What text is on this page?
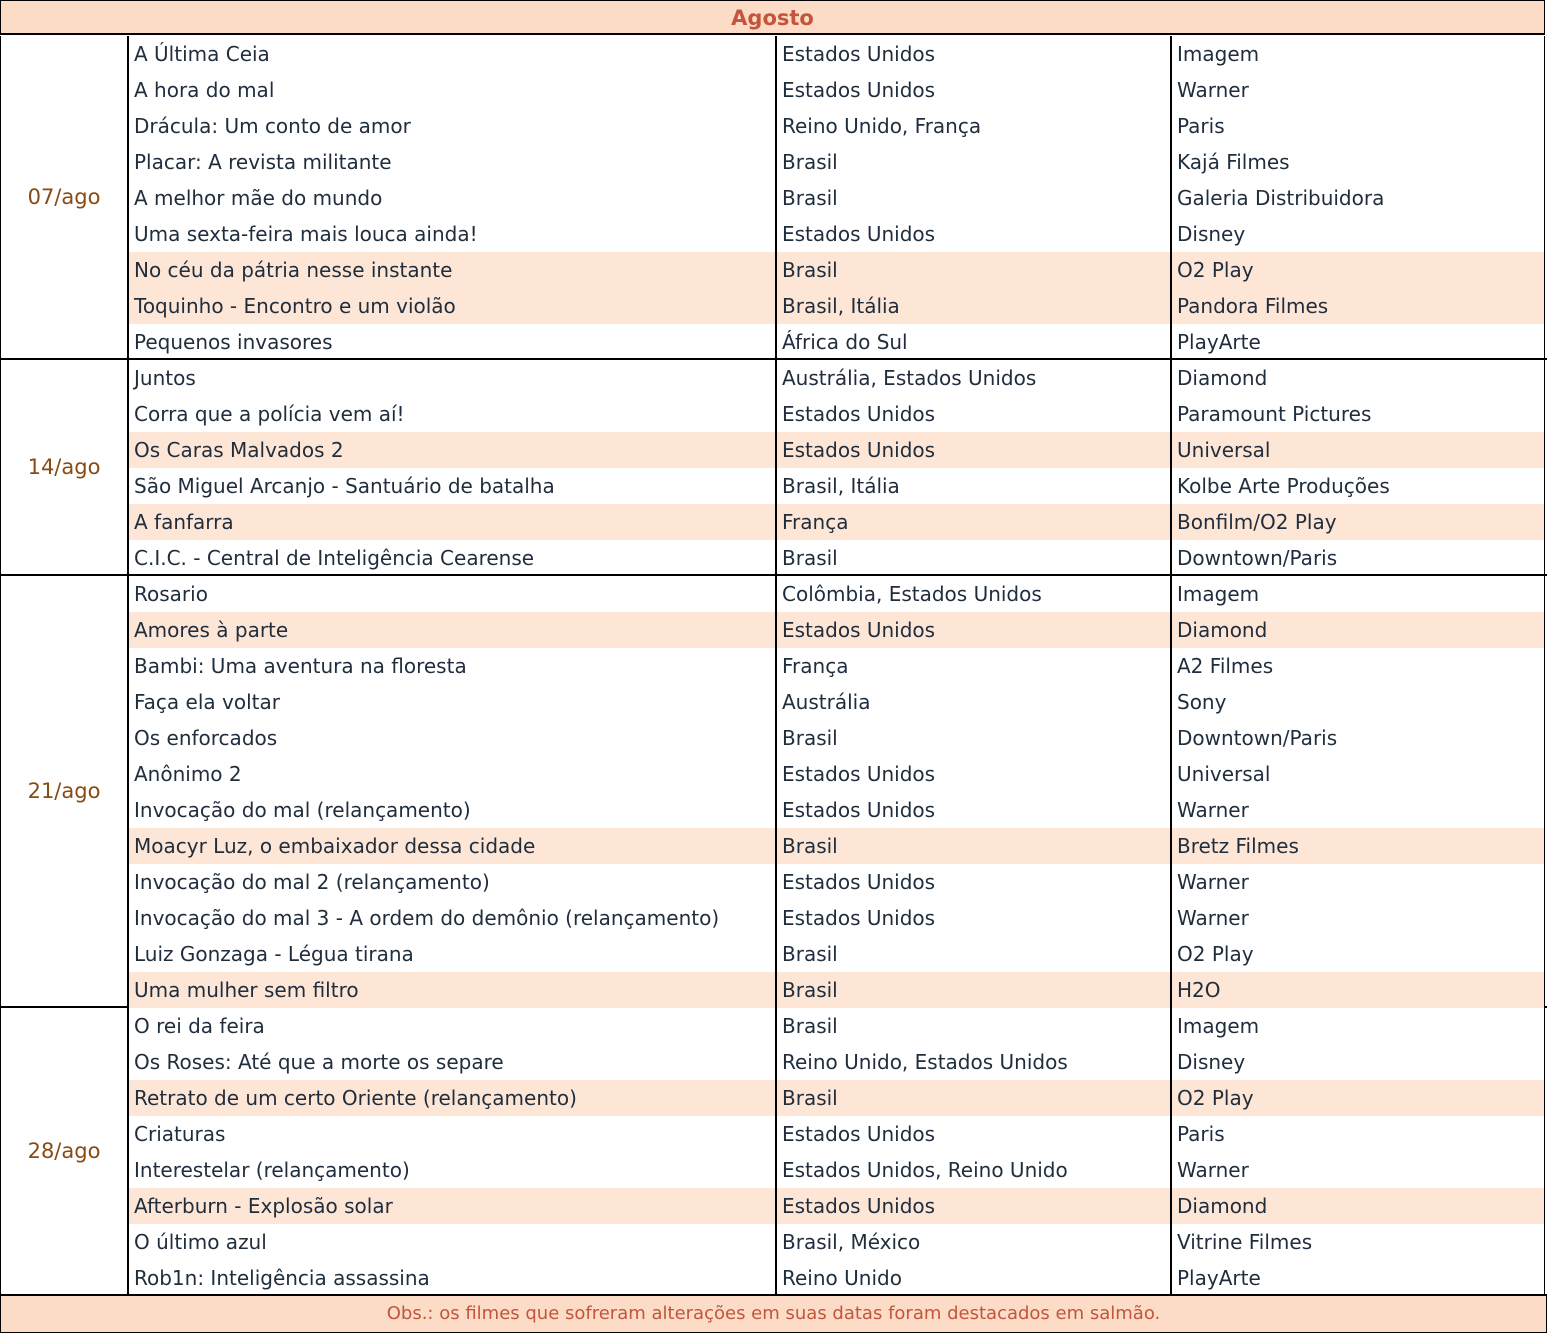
Agosto
07/ago
A Última Ceia	Estados Unidos	Imagem
A hora do mal	Estados Unidos	Warner
Drácula: Um conto de amor	Reino Unido, França	Paris
Placar: A revista militante	Brasil	Kajá Filmes
A melhor mãe do mundo	Brasil	Galeria Distribuidora
Uma sexta-feira mais louca ainda!	Estados Unidos	Disney
No céu da pátria nesse instante	Brasil	O2 Play
Toquinho - Encontro e um violão	Brasil, Itália	Pandora Filmes
Pequenos invasores	África do Sul	PlayArte
14/ago
Juntos	Austrália, Estados Unidos	Diamond
Corra que a polícia vem aí!	Estados Unidos	Paramount Pictures
Os Caras Malvados 2	Estados Unidos	Universal
São Miguel Arcanjo - Santuário de batalha	Brasil, Itália	Kolbe Arte Produções
A fanfarra	França	Bonfilm/O2 Play
C.I.C. - Central de Inteligência Cearense	Brasil	Downtown/Paris
21/ago
Rosario	Colômbia, Estados Unidos	Imagem
Amores à parte	Estados Unidos	Diamond
Bambi: Uma aventura na floresta	França	A2 Filmes
Faça ela voltar	Austrália	Sony
Os enforcados	Brasil	Downtown/Paris
Anônimo 2	Estados Unidos	Universal
Invocação do mal (relançamento)	Estados Unidos	Warner
Moacyr Luz, o embaixador dessa cidade	Brasil	Bretz Filmes
Invocação do mal 2 (relançamento)	Estados Unidos	Warner
Invocação do mal 3 - A ordem do demônio (relançamento)	Estados Unidos	Warner
Luiz Gonzaga - Légua tirana	Brasil	O2 Play
Uma mulher sem filtro	Brasil	H2O
28/ago
O rei da feira	Brasil	Imagem
Os Roses: Até que a morte os separe	Reino Unido, Estados Unidos	Disney
Retrato de um certo Oriente (relançamento)	Brasil	O2 Play
Criaturas	Estados Unidos	Paris
Interestelar (relançamento)	Estados Unidos, Reino Unido	Warner
Afterburn - Explosão solar	Estados Unidos	Diamond
O último azul	Brasil, México	Vitrine Filmes
Rob1n: Inteligência assassina	Reino Unido	PlayArte
Obs.: os filmes que sofreram alterações em suas datas foram destacados em salmão.
